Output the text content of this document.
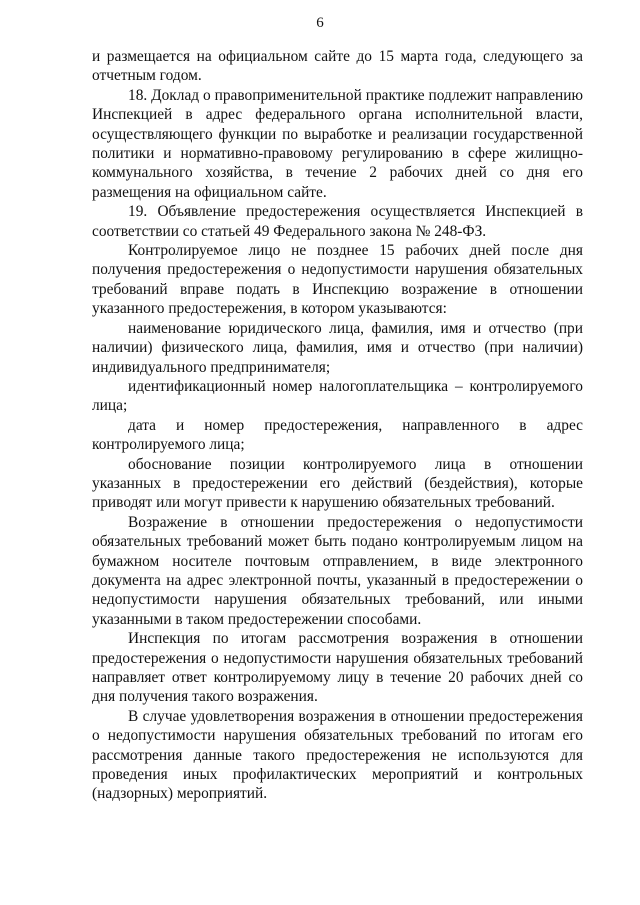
6

и размещается на официальном сайте до 15 марта года, следующего за отчетным годом.

18. Доклад о правоприменительной практике подлежит направлению Инспекцией в адрес федерального органа исполнительной власти, осуществляющего функции по выработке и реализации государственной политики и нормативно-правовому регулированию в сфере жилищно-коммунального хозяйства, в течение 2 рабочих дней со дня его размещения на официальном сайте.

19. Объявление предостережения осуществляется Инспекцией в соответствии со статьей 49 Федерального закона № 248-ФЗ.

Контролируемое лицо не позднее 15 рабочих дней после дня получения предостережения о недопустимости нарушения обязательных требований вправе подать в Инспекцию возражение в отношении указанного предостережения, в котором указываются:

наименование юридического лица, фамилия, имя и отчество (при наличии) физического лица, фамилия, имя и отчество (при наличии) индивидуального предпринимателя;

идентификационный номер налогоплательщика – контролируемого лица;

дата и номер предостережения, направленного в адрес контролируемого лица;

обоснование позиции контролируемого лица в отношении указанных в предостережении его действий (бездействия), которые приводят или могут привести к нарушению обязательных требований.

Возражение в отношении предостережения о недопустимости обязательных требований может быть подано контролируемым лицом на бумажном носителе почтовым отправлением, в виде электронного документа на адрес электронной почты, указанный в предостережении о недопустимости нарушения обязательных требований, или иными указанными в таком предостережении способами.

Инспекция по итогам рассмотрения возражения в отношении предостережения о недопустимости нарушения обязательных требований направляет ответ контролируемому лицу в течение 20 рабочих дней со дня получения такого возражения.

В случае удовлетворения возражения в отношении предостережения о недопустимости нарушения обязательных требований по итогам его рассмотрения данные такого предостережения не используются для проведения иных профилактических мероприятий и контрольных (надзорных) мероприятий.
